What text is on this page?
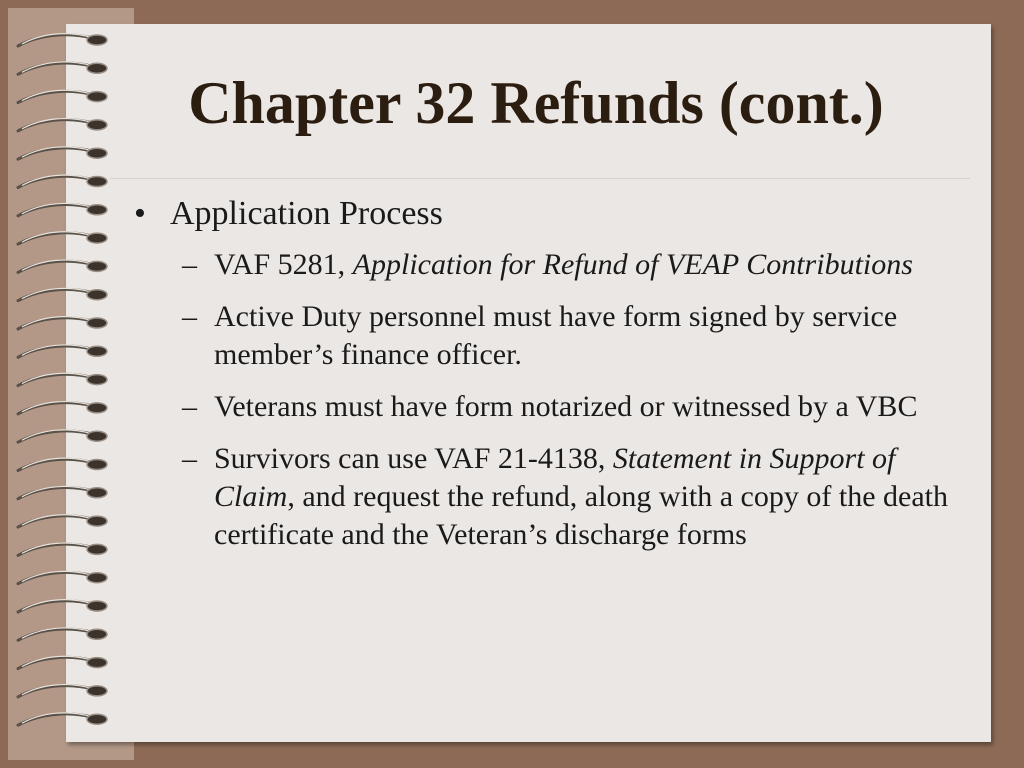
Chapter 32 Refunds (cont.)
• Application Process
– VAF 5281, Application for Refund of VEAP Contributions
– Active Duty personnel must have form signed by service member’s finance officer.
– Veterans must have form notarized or witnessed by a VBC
– Survivors can use VAF 21-4138, Statement in Support of Claim, and request the refund, along with a copy of the death certificate and the Veteran’s discharge forms
